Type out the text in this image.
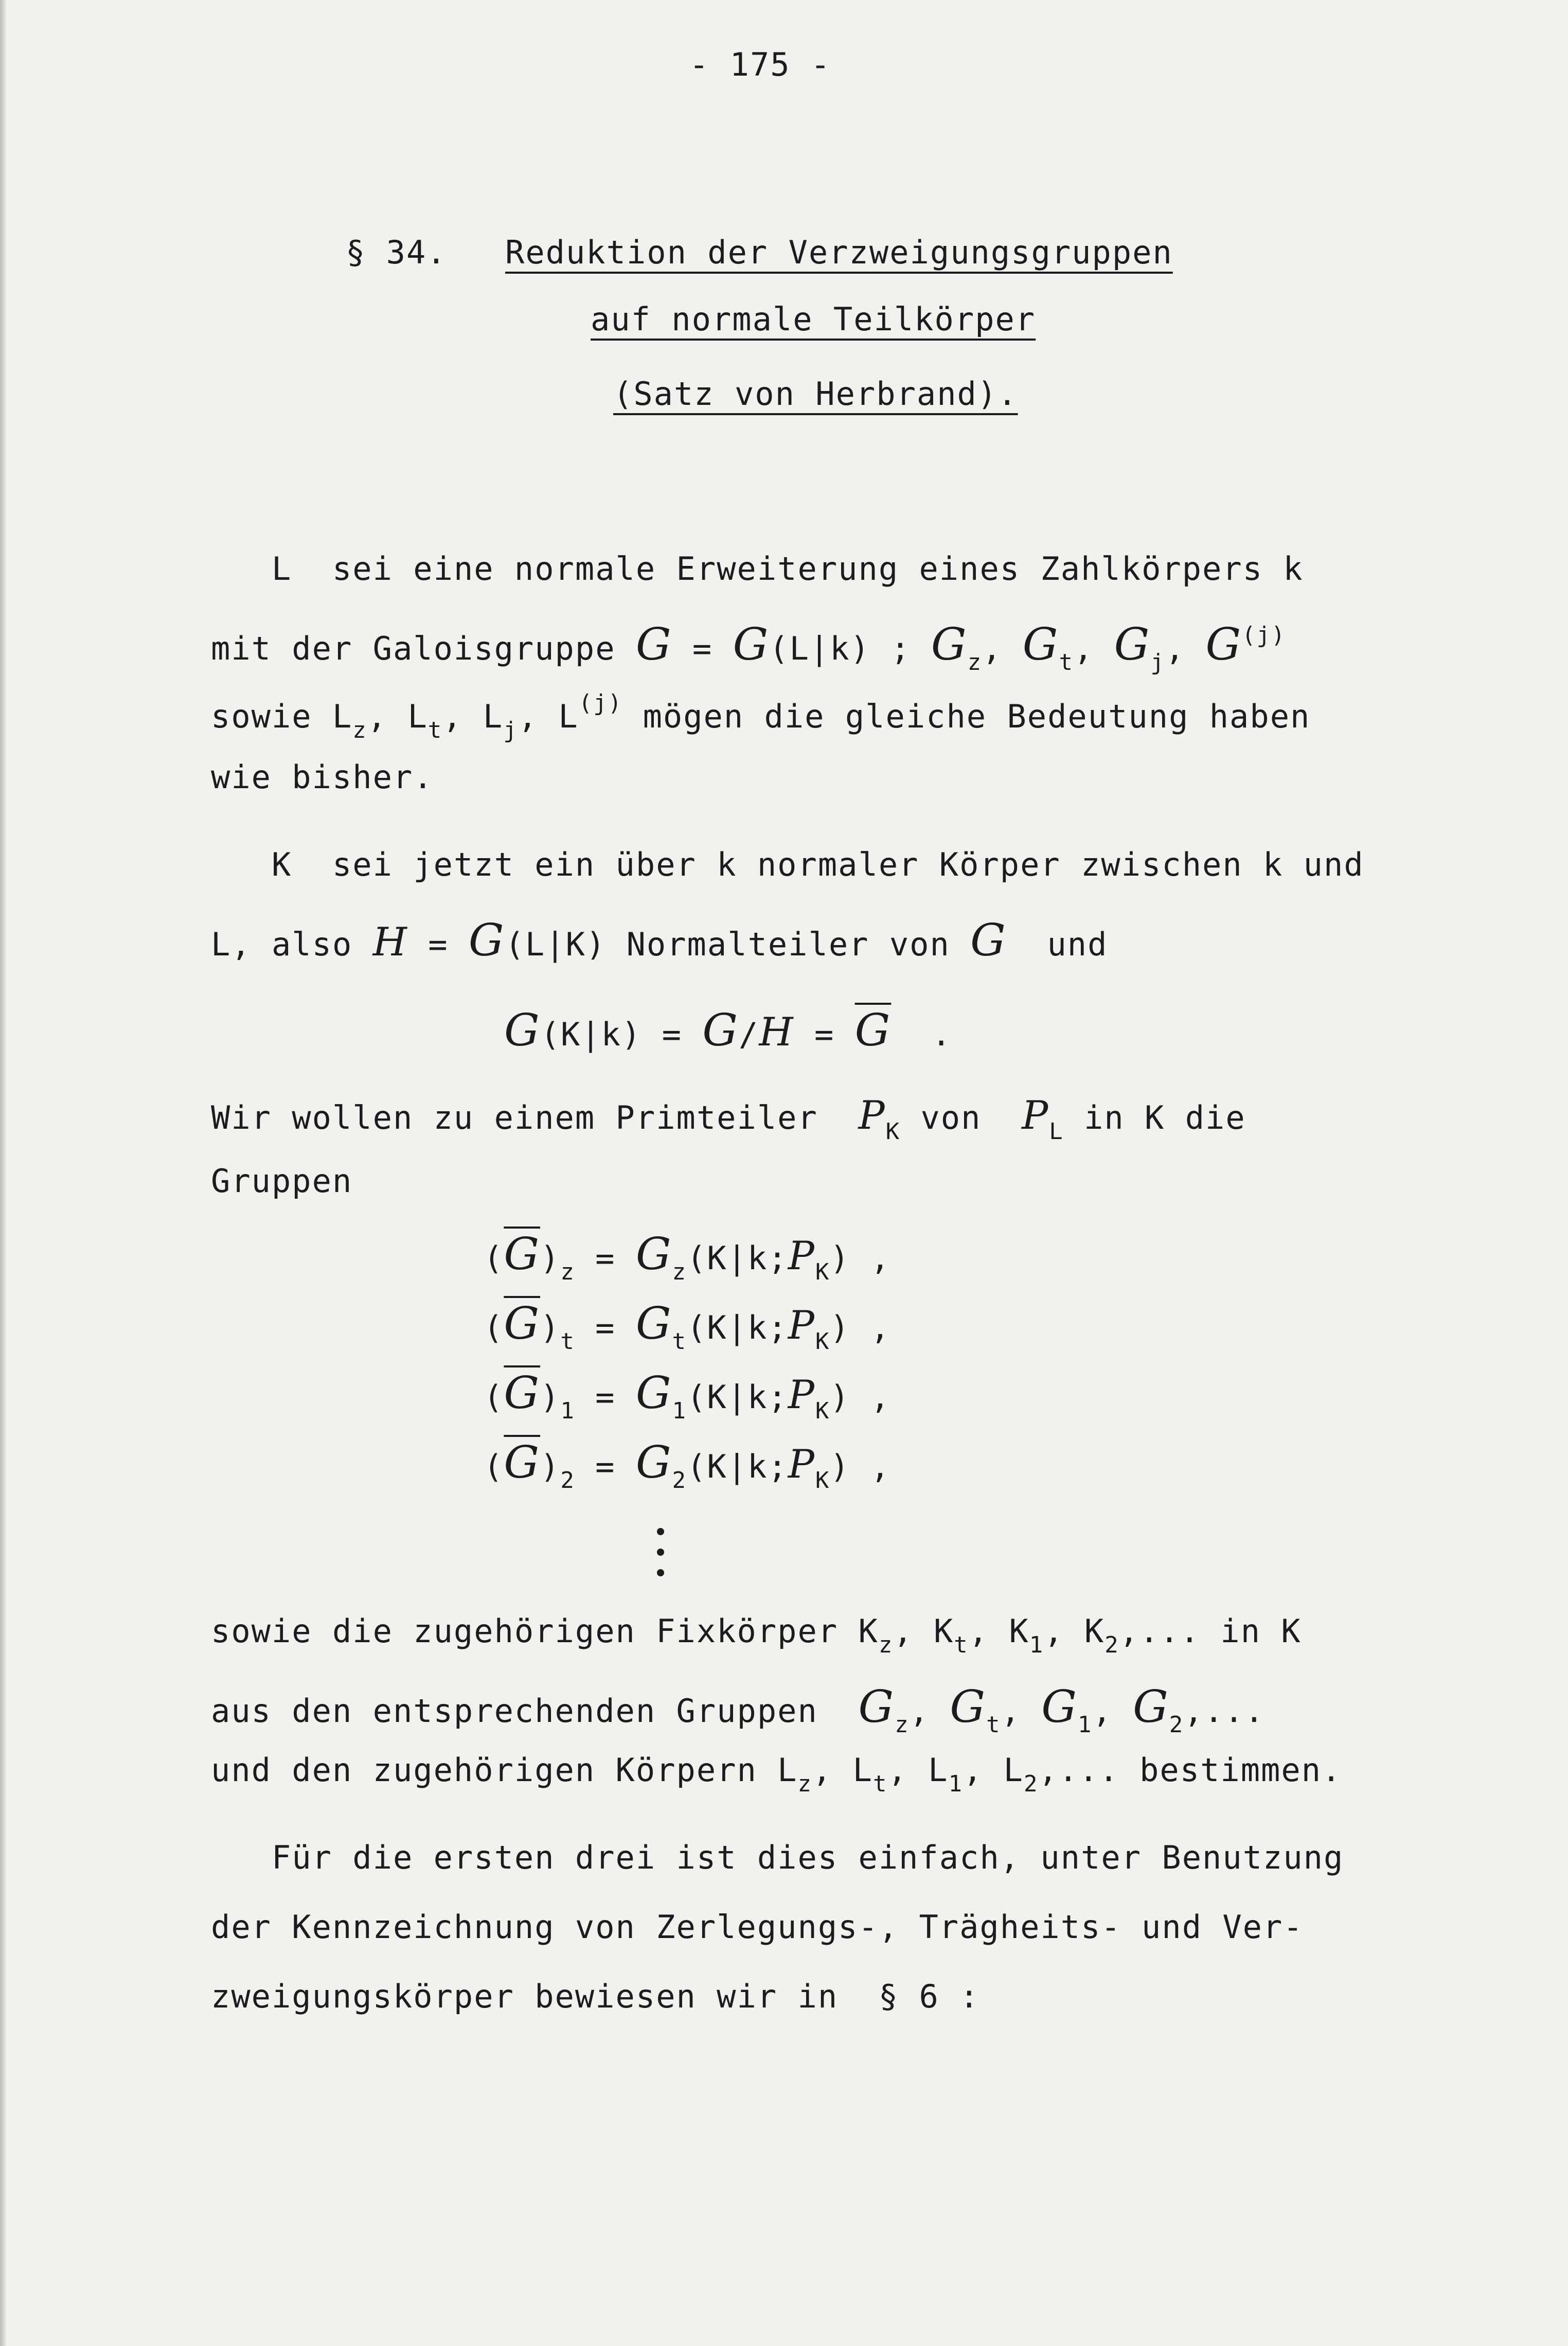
- 175 -
§ 34. Reduktion der Verzweigungsgruppen
auf normale Teilkörper
(Satz von Herbrand).
L  sei eine normale Erweiterung eines Zahlkörpers k
mit der Galoisgruppe G = G(L|k) ; $G_z$, $G_t$, $G_j$, $G^{(j)}$
sowie $L_z$, $L_t$, $L_j$, $L^{(j)}$ mögen die gleiche Bedeutung haben
wie bisher.
K  sei jetzt ein über k normaler Körper zwischen k und
L, also H = G(L|K) Normalteiler von G und
$G(K|k) = G/H = \overline{G}$  .
Wir wollen zu einem Primteiler $P_K$ von $P_L$ in K die
Gruppen
$(\overline{G})_z$ = $G_z(K|k;P_K)$ ,
$(\overline{G})_t$ = $G_t(K|k;P_K)$ ,
$(\overline{G})_1$ = $G_1(K|k;P_K)$ ,
$(\overline{G})_2$ = $G_2(K|k;P_K)$ ,
sowie die zugehörigen Fixkörper $K_z$, $K_t$, $K_1$, $K_2$,... in K
aus den entsprechenden Gruppen $G_z$, $G_t$, $G_1$, $G_2$,...
und den zugehörigen Körpern $L_z$, $L_t$, $L_1$, $L_2$,... bestimmen.
Für die ersten drei ist dies einfach, unter Benutzung
der Kennzeichnung von Zerlegungs-, Trägheits- und Ver-
zweigungskörper bewiesen wir in  § 6 :
